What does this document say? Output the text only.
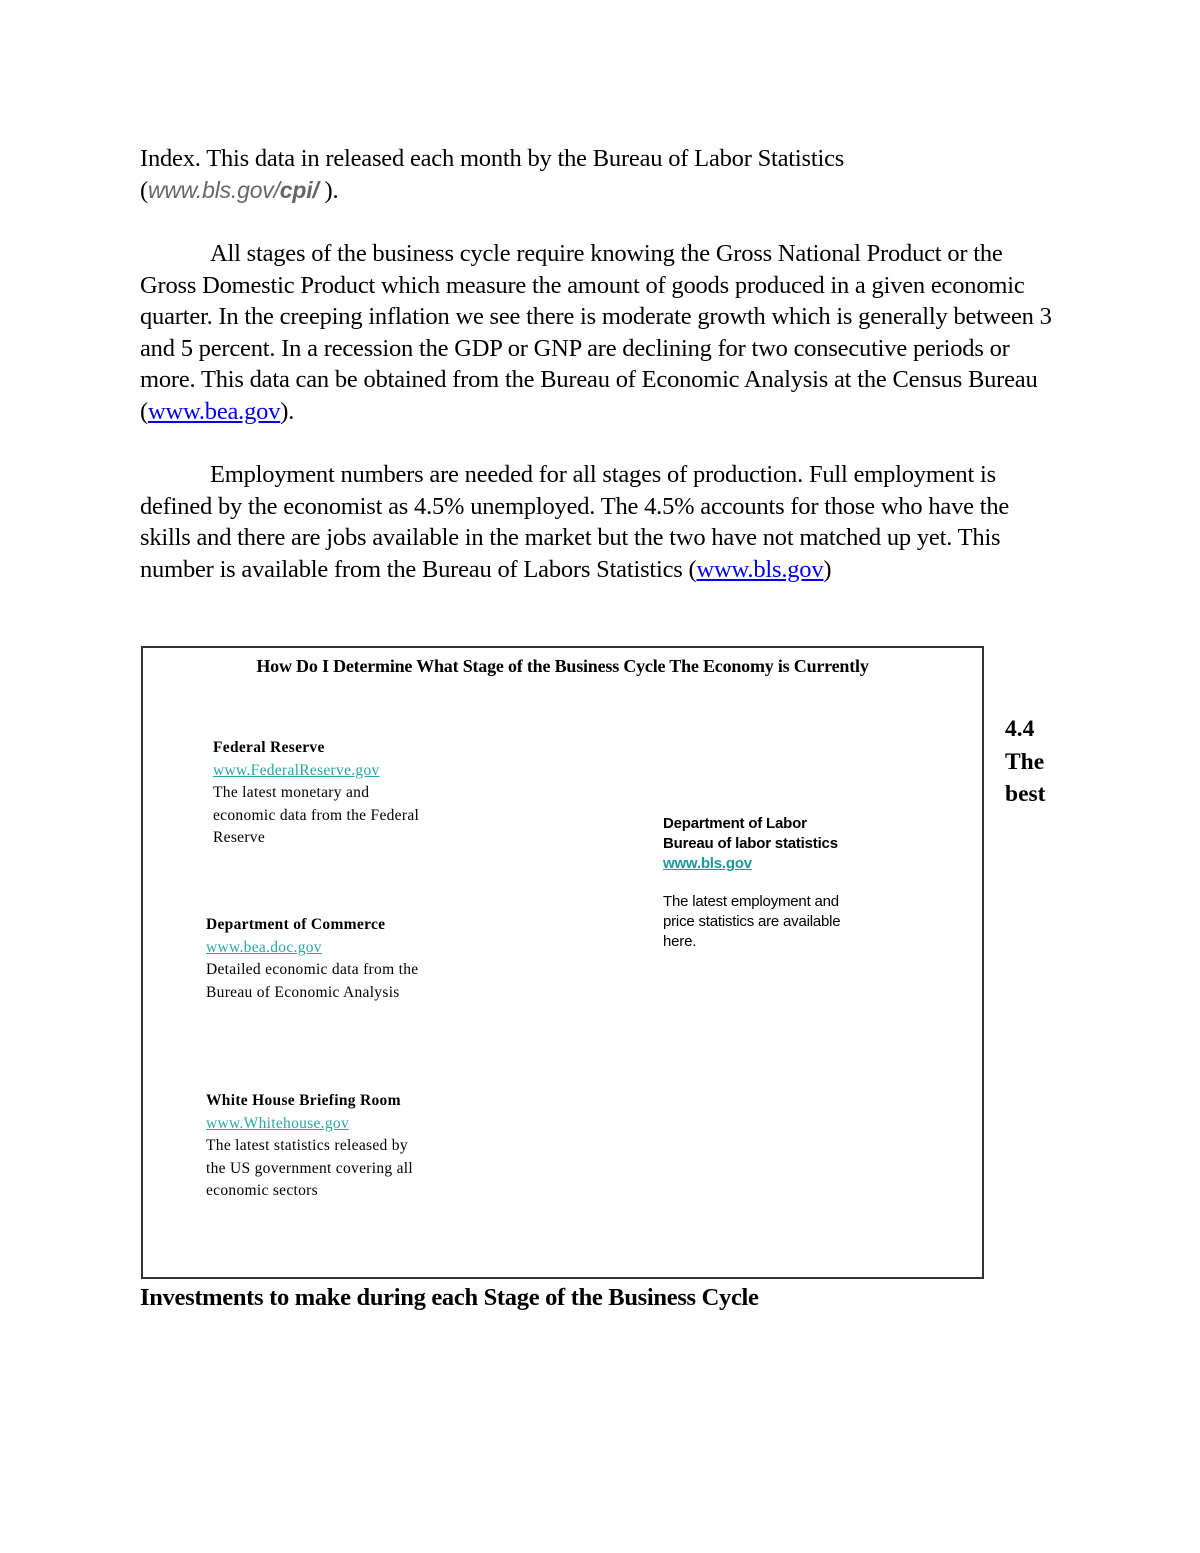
Index. This data in released each month by the Bureau of Labor Statistics
(www.bls.gov/cpi/ ).

All stages of the business cycle require knowing the Gross National Product or the Gross Domestic Product which measure the amount of goods produced in a given economic quarter. In the creeping inflation we see there is moderate growth which is generally between 3 and 5 percent. In a recession the GDP or GNP are declining for two consecutive periods or more. This data can be obtained from the Bureau of Economic Analysis at the Census Bureau (www.bea.gov).

Employment numbers are needed for all stages of production. Full employment is defined by the economist as 4.5% unemployed. The 4.5% accounts for those who have the skills and there are jobs available in the market but the two have not matched up yet. This number is available from the Bureau of Labors Statistics (www.bls.gov)

How Do I Determine What Stage of the Business Cycle The Economy is Currently
Federal Reserve
www.FederalReserve.gov
The latest monetary and
economic data from the Federal
Reserve
Department of Commerce
www.bea.doc.gov
Detailed economic data from the
Bureau of Economic Analysis
White House Briefing Room
www.Whitehouse.gov
The latest statistics released by
the US government covering all
economic sectors
Department of Labor
Bureau of labor statistics
www.bls.gov
The latest employment and
price statistics are available
here.
4.4
The
best
Investments to make during each Stage of the Business Cycle
